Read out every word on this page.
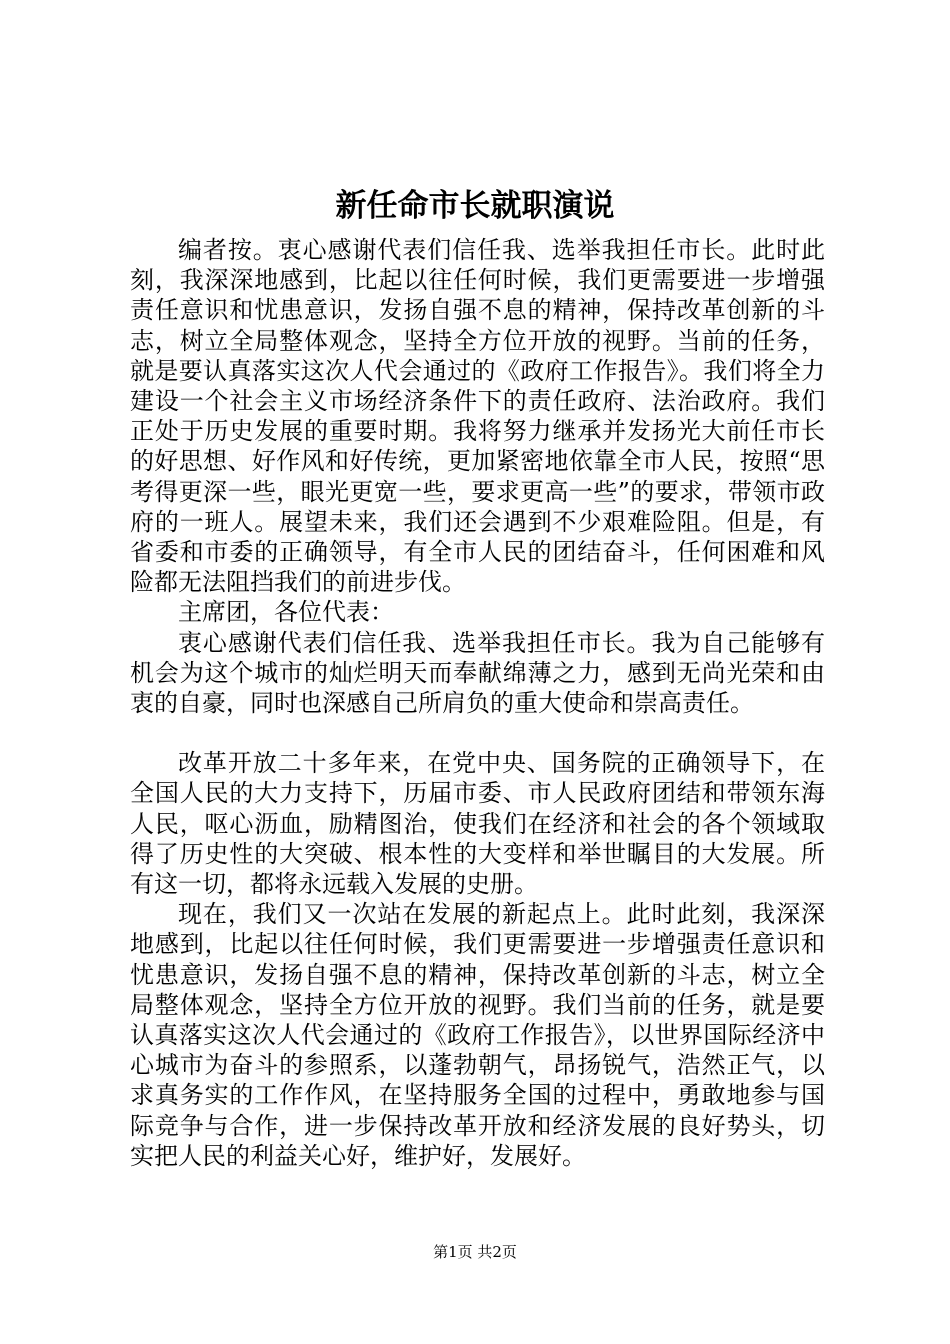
新任命市长就职演说

编者按。衷心感谢代表们信任我、选举我担任市长。此时此刻，我深深地感到，比起以往任何时候，我们更需要进一步增强责任意识和忧患意识，发扬自强不息的精神，保持改革创新的斗志，树立全局整体观念，坚持全方位开放的视野。当前的任务，就是要认真落实这次人代会通过的《政府工作报告》。我们将全力建设一个社会主义市场经济条件下的责任政府、法治政府。我们正处于历史发展的重要时期。我将努力继承并发扬光大前任市长的好思想、好作风和好传统，更加紧密地依靠全市人民，按照“思考得更深一些，眼光更宽一些，要求更高一些”的要求，带领市政府的一班人。展望未来，我们还会遇到不少艰难险阻。但是，有省委和市委的正确领导，有全市人民的团结奋斗，任何困难和风险都无法阻挡我们的前进步伐。

主席团，各位代表：

衷心感谢代表们信任我、选举我担任市长。我为自己能够有机会为这个城市的灿烂明天而奉献绵薄之力，感到无尚光荣和由衷的自豪，同时也深感自己所肩负的重大使命和崇高责任。

改革开放二十多年来，在党中央、国务院的正确领导下，在全国人民的大力支持下，历届市委、市人民政府团结和带领东海人民，呕心沥血，励精图治，使我们在经济和社会的各个领域取得了历史性的大突破、根本性的大变样和举世瞩目的大发展。所有这一切，都将永远载入发展的史册。

现在，我们又一次站在发展的新起点上。此时此刻，我深深地感到，比起以往任何时候，我们更需要进一步增强责任意识和忧患意识，发扬自强不息的精神，保持改革创新的斗志，树立全局整体观念，坚持全方位开放的视野。我们当前的任务，就是要认真落实这次人代会通过的《政府工作报告》，以世界国际经济中心城市为奋斗的参照系，以蓬勃朝气，昂扬锐气，浩然正气，以求真务实的工作作风，在坚持服务全国的过程中，勇敢地参与国际竞争与合作，进一步保持改革开放和经济发展的良好势头，切实把人民的利益关心好，维护好，发展好。

第1页 共2页
